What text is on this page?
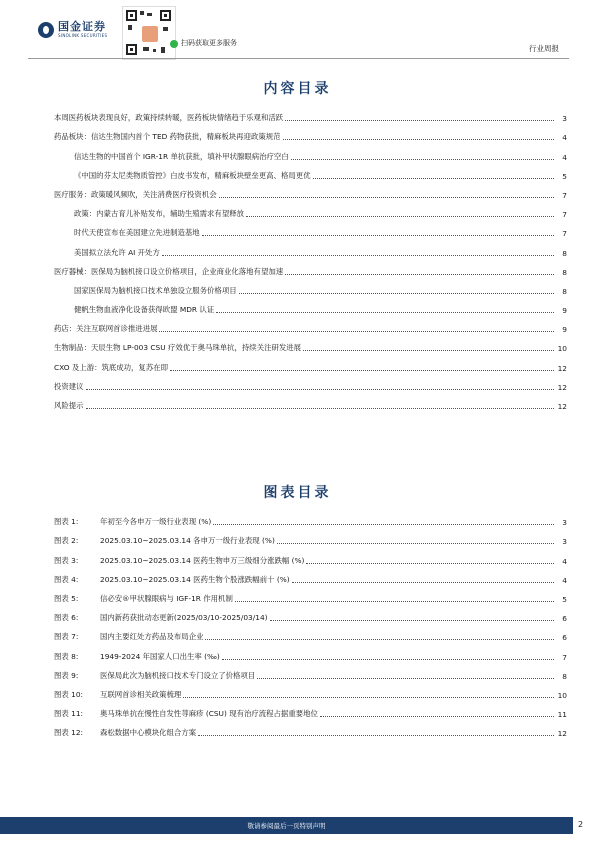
国金证券
SINOLINK SECURITIES
扫码获取更多服务
行业周报
内容目录
本周医药板块表现良好，政策持续转暖，医药板块情绪趋于乐观和活跃	3
药品板块：信达生物国内首个 TED 药物获批，精麻板块再迎政策规范	4
信达生物的中国首个 IGR-1R 单抗获批，填补甲状腺眼病治疗空白	4
《中国的芬太尼类物质管控》白皮书发布，精麻板块壁垒更高、格局更优	5
医疗服务：政策暖风频吹，关注消费医疗投资机会	7
政策：内蒙古育儿补贴发布，辅助生殖需求有望释放	7
时代天使宣布在美国建立先进制造基地	7
美国拟立法允许 AI 开处方	8
医疗器械：医保局为脑机接口设立价格项目，企业商业化落地有望加速	8
国家医保局为脑机接口技术单独设立服务价格项目	8
健帆生物血液净化设备获得欧盟 MDR 认证	9
药店：关注互联网首诊推进进展	9
生物制品：天辰生物 LP-003 CSU 疗效优于奥马珠单抗，持续关注研发进展	10
CXO 及上游：筑底成功，复苏在即	12
投资建议	12
风险提示	12
图表目录
图表 1:	年初至今各申万一级行业表现 (%)	3
图表 2:	2025.03.10~2025.03.14 各申万一级行业表现 (%)	3
图表 3:	2025.03.10~2025.03.14 医药生物申万三级细分涨跌幅 (%)	4
图表 4:	2025.03.10~2025.03.14 医药生物个股涨跌幅前十 (%)	4
图表 5:	信必安®甲状腺眼病与 IGF-1R 作用机制	5
图表 6:	国内新药获批动态更新(2025/03/10-2025/03/14)	6
图表 7:	国内主要红处方药品及布局企业	6
图表 8:	1949-2024 年国家人口出生率 (‰)	7
图表 9:	医保局此次为脑机接口技术专门设立了价格项目	8
图表 10:	互联网首诊相关政策梳理	10
图表 11:	奥马珠单抗在慢性自发性荨麻疹 (CSU) 现有治疗流程占据重要地位	11
图表 12:	森松数据中心模块化组合方案	12
敬请参阅最后一页特别声明	2
